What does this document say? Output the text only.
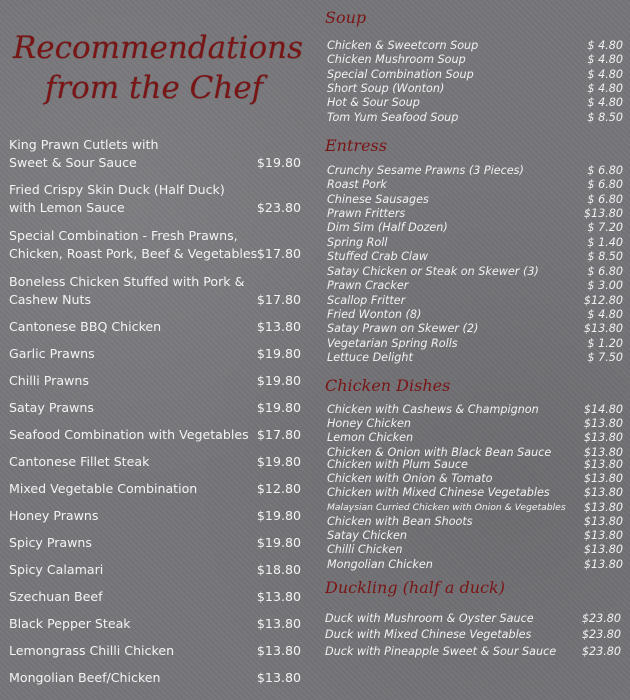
Recommendations
from the Chef
King Prawn Cutlets with
Sweet & Sour Sauce	$19.80
Fried Crispy Skin Duck (Half Duck)
with Lemon Sauce	$23.80
Special Combination - Fresh Prawns,
Chicken, Roast Pork, Beef & Vegetables $17.80
Boneless Chicken Stuffed with Pork &
Cashew Nuts	$17.80
Cantonese BBQ Chicken	$13.80
Garlic Prawns	$19.80
Chilli Prawns	$19.80
Satay Prawns	$19.80
Seafood Combination with Vegetables $17.80
Cantonese Fillet Steak	$19.80
Mixed Vegetable Combination	$12.80
Honey Prawns	$19.80
Spicy Prawns	$19.80
Spicy Calamari	$18.80
Szechuan Beef	$13.80
Black Pepper Steak	$13.80
Lemongrass Chilli Chicken	$13.80
Mongolian Beef/Chicken	$13.80
Soup
Chicken & Sweetcorn Soup	$ 4.80
Chicken Mushroom Soup	$ 4.80
Special Combination Soup	$ 4.80
Short Soup (Wonton)	$ 4.80
Hot & Sour Soup	$ 4.80
Tom Yum Seafood Soup	$ 8.50
Entress
Crunchy Sesame Prawns (3 Pieces)	$ 6.80
Roast Pork	$ 6.80
Chinese Sausages	$ 6.80
Prawn Fritters	$13.80
Dim Sim (Half Dozen)	$ 7.20
Spring Roll	$ 1.40
Stuffed Crab Claw	$ 8.50
Satay Chicken or Steak on Skewer (3)	$ 6.80
Prawn Cracker	$ 3.00
Scallop Fritter	$12.80
Fried Wonton (8)	$ 4.80
Satay Prawn on Skewer (2)	$13.80
Vegetarian Spring Rolls	$ 1.20
Lettuce Delight	$ 7.50
Chicken Dishes
Chicken with Cashews & Champignon	$14.80
Honey Chicken	$13.80
Lemon Chicken	$13.80
Chicken & Onion with Black Bean Sauce	$13.80
Chicken with Plum Sauce	$13.80
Chicken with Onion & Tomato	$13.80
Chicken with Mixed Chinese Vegetables	$13.80
Malaysian Curried Chicken with Onion & Vegetables $13.80
Chicken with Bean Shoots	$13.80
Satay Chicken	$13.80
Chilli Chicken	$13.80
Mongolian Chicken	$13.80
Duckling (half a duck)
Duck with Mushroom & Oyster Sauce	$23.80
Duck with Mixed Chinese Vegetables	$23.80
Duck with Pineapple Sweet & Sour Sauce $23.80
